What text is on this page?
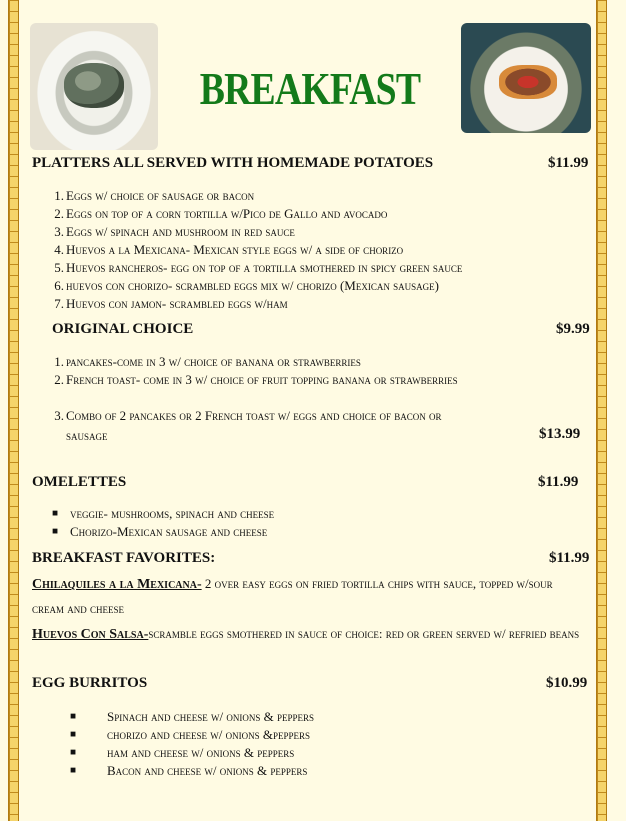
BREAKFAST
PLATTERS ALL SERVED WITH HOMEMADE POTATOES	$11.99
1. Eggs w/ choice of sausage or bacon
2. Eggs on top of a corn tortilla w/Pico de Gallo and avocado
3. Eggs w/ spinach and mushroom in red sauce
4. Huevos a la Mexicana- Mexican style eggs w/ a side of chorizo
5. Huevos rancheros- egg on top of a tortilla smothered in spicy green sauce
6. huevos con chorizo- scrambled eggs mix w/ chorizo (Mexican sausage)
7. Huevos con jamon- scrambled eggs w/ham
ORIGINAL CHOICE	$9.99
1. pancakes-come in 3 w/ choice of banana or strawberries
2. French toast- come in 3 w/ choice of fruit topping banana or strawberries
3. Combo of 2 pancakes or 2 French toast w/ eggs and choice of bacon or
sausage	$13.99
OMELETTES	$11.99
■ veggie- mushrooms, spinach and cheese
■ Chorizo-Mexican sausage and cheese
BREAKFAST FAVORITES:	$11.99
Chilaquiles a la Mexicana- 2 over easy eggs on fried tortilla chips with sauce, topped w/sour cream and cheese
Huevos Con Salsa-scramble eggs smothered in sauce of choice: red or green served w/ refried beans
EGG BURRITOS	$10.99
■ Spinach and cheese w/ onions & peppers
■ chorizo and cheese w/ onions &peppers
■ ham and cheese w/ onions & peppers
■ Bacon and cheese w/ onions & peppers
